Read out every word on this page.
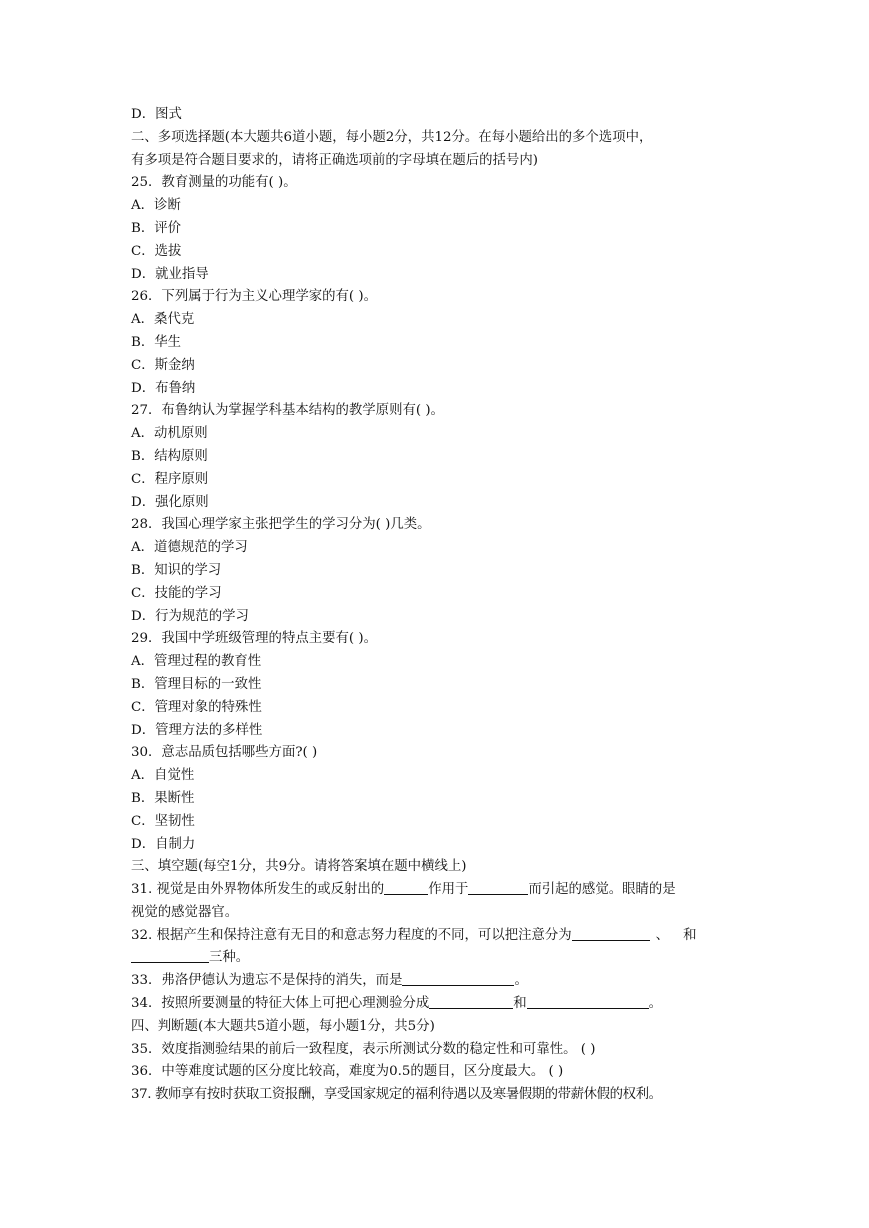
D．图式
二、多项选择题(本大题共6道小题，每小题2分，共12分。在每小题给出的多个选项中，
有多项是符合题目要求的，请将正确选项前的字母填在题后的括号内)
25．教育测量的功能有( )。
A．诊断
B．评价
C．选拔
D．就业指导
26．下列属于行为主义心理学家的有( )。
A．桑代克
B．华生
C．斯金纳
D．布鲁纳
27．布鲁纳认为掌握学科基本结构的教学原则有( )。
A．动机原则
B．结构原则
C．程序原则
D．强化原则
28．我国心理学家主张把学生的学习分为( )几类。
A．道德规范的学习
B．知识的学习
C．技能的学习
D．行为规范的学习
29．我国中学班级管理的特点主要有( )。
A．管理过程的教育性
B．管理目标的一致性
C．管理对象的特殊性
D．管理方法的多样性
30．意志品质包括哪些方面?( )
A．自觉性
B．果断性
C．坚韧性
D．自制力
三、填空题(每空1分，共9分。请将答案填在题中横线上)
31. 视觉是由外界物体所发生的或反射出的	作用于	而引起的感觉。眼睛的是
视觉的感觉器官。
32. 根据产生和保持注意有无目的和意志努力程度的不同，可以把注意分为	、 和
三种。
33．弗洛伊德认为遗忘不是保持的消失，而是	。
34．按照所要测量的特征大体上可把心理测验分成	和	。
四、判断题(本大题共5道小题，每小题1分，共5分)
35．效度指测验结果的前后一致程度，表示所测试分数的稳定性和可靠性。 ( )
36．中等难度试题的区分度比较高，难度为0.5的题目，区分度最大。 ( )
37. 教师享有按时获取工资报酬，享受国家规定的福利待遇以及寒暑假期的带薪休假的权利。
